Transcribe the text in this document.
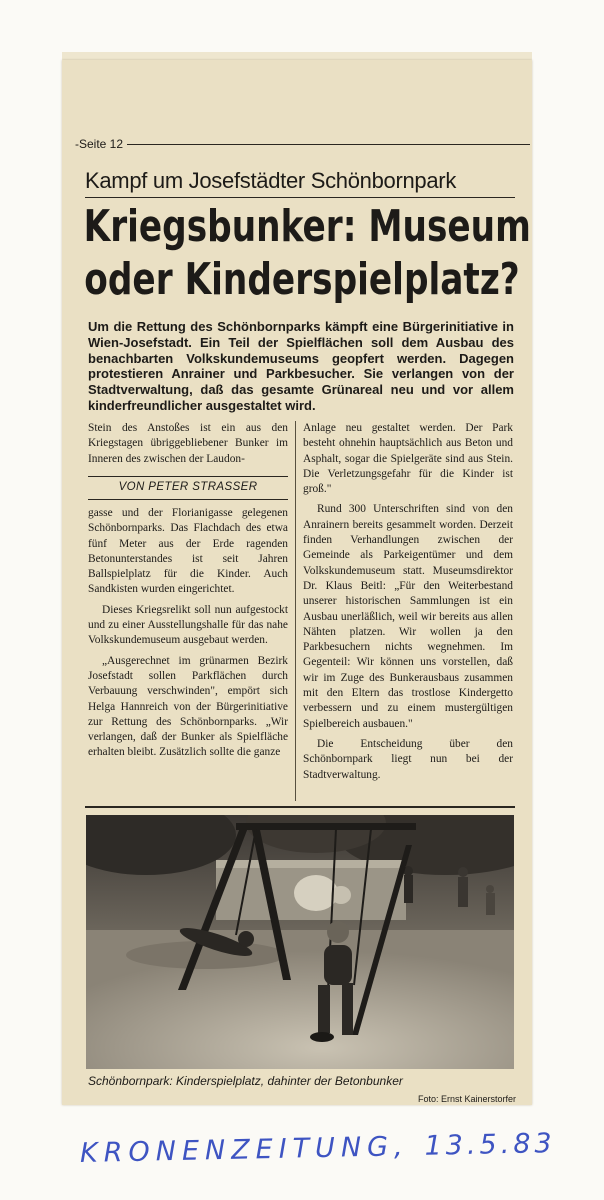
-Seite 12
Kampf um Josefstädter Schönbornpark
Kriegsbunker: Museum
oder Kinderspielplatz?
Um die Rettung des Schönbornparks kämpft eine Bürgerinitiative in Wien-Josefstadt. Ein Teil der Spielflächen soll dem Ausbau des benachbarten Volkskundemuseums geopfert werden. Dagegen protestieren Anrainer und Parkbesucher. Sie verlangen von der Stadtverwaltung, daß das gesamte Grünareal neu und vor allem kinderfreundlicher ausgestaltet wird.

Stein des Anstoßes ist ein aus den Kriegstagen übriggebliebener Bunker im Inneren des zwischen der Laudon-

VON PETER STRASSER

gasse und der Florianigasse gelegenen Schönbornparks. Das Flachdach des etwa fünf Meter aus der Erde ragenden Betonunterstandes ist seit Jahren Ballspielplatz für die Kinder. Auch Sandkisten wurden eingerichtet.

Dieses Kriegsrelikt soll nun aufgestockt und zu einer Ausstellungshalle für das nahe Volkskundemuseum ausgebaut werden.

„Ausgerechnet im grünarmen Bezirk Josefstadt sollen Parkflächen durch Verbauung verschwinden", empört sich Helga Hannreich von der Bürgerinitiative zur Rettung des Schönbornparks. „Wir verlangen, daß der Bunker als Spielfläche erhalten bleibt. Zusätzlich sollte die ganze

Anlage neu gestaltet werden. Der Park besteht ohnehin hauptsächlich aus Beton und Asphalt, sogar die Spielgeräte sind aus Stein. Die Verletzungsgefahr für die Kinder ist groß."

Rund 300 Unterschriften sind von den Anrainern bereits gesammelt worden. Derzeit finden Verhandlungen zwischen der Gemeinde als Parkeigentümer und dem Volkskundemuseum statt. Museumsdirektor Dr. Klaus Beitl: „Für den Weiterbestand unserer historischen Sammlungen ist ein Ausbau unerläßlich, weil wir bereits aus allen Nähten platzen. Wir wollen ja den Parkbesuchern nichts wegnehmen. Im Gegenteil: Wir können uns vorstellen, daß wir im Zuge des Bunkerausbaus zusammen mit den Eltern das trostlose Kindergetto verbessern und zu einem mustergültigen Spielbereich ausbauen."

Die Entscheidung über den Schönbornpark liegt nun bei der Stadtverwaltung.

Schönbornpark: Kinderspielplatz, dahinter der Betonbunker
Foto: Ernst Kainerstorfer
KRONENZEITUNG, 13.5.83
